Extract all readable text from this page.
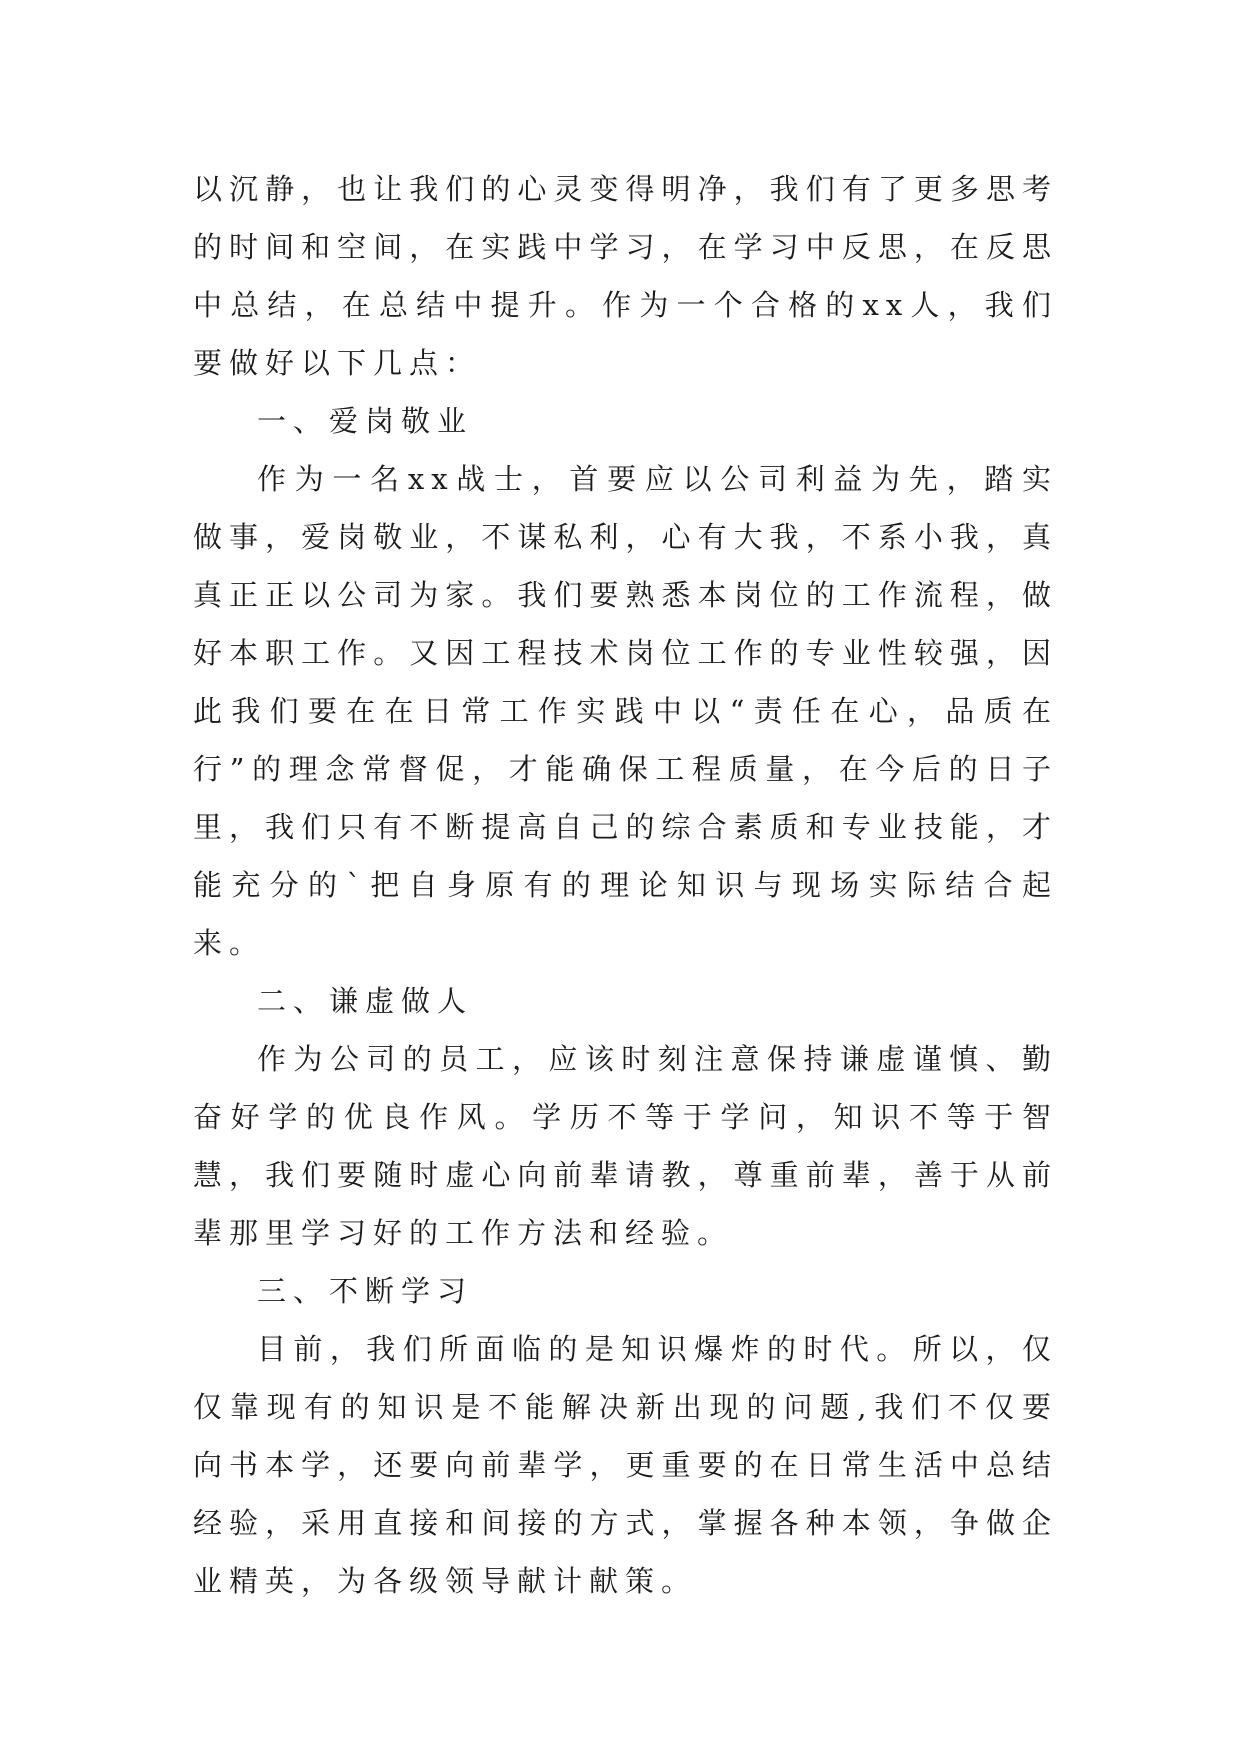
以沉静，也让我们的心灵变得明净，我们有了更多思考的时间和空间，在实践中学习，在学习中反思，在反思中总结，在总结中提升。作为一个合格的xx人，我们要做好以下几点：

一、爱岗敬业

作为一名xx战士，首要应以公司利益为先，踏实做事，爱岗敬业，不谋私利，心有大我，不系小我，真真正正以公司为家。我们要熟悉本岗位的工作流程，做好本职工作。又因工程技术岗位工作的专业性较强，因此我们要在在日常工作实践中以“责任在心，品质在行”的理念常督促，才能确保工程质量，在今后的日子里，我们只有不断提高自己的综合素质和专业技能，才能充分的`把自身原有的理论知识与现场实际结合起来。

二、谦虚做人

作为公司的员工，应该时刻注意保持谦虚谨慎、勤奋好学的优良作风。学历不等于学问，知识不等于智慧，我们要随时虚心向前辈请教，尊重前辈，善于从前辈那里学习好的工作方法和经验。

三、不断学习

目前，我们所面临的是知识爆炸的时代。所以，仅仅靠现有的知识是不能解决新出现的问题,我们不仅要向书本学，还要向前辈学，更重要的在日常生活中总结经验，采用直接和间接的方式，掌握各种本领，争做企业精英，为各级领导献计献策。
